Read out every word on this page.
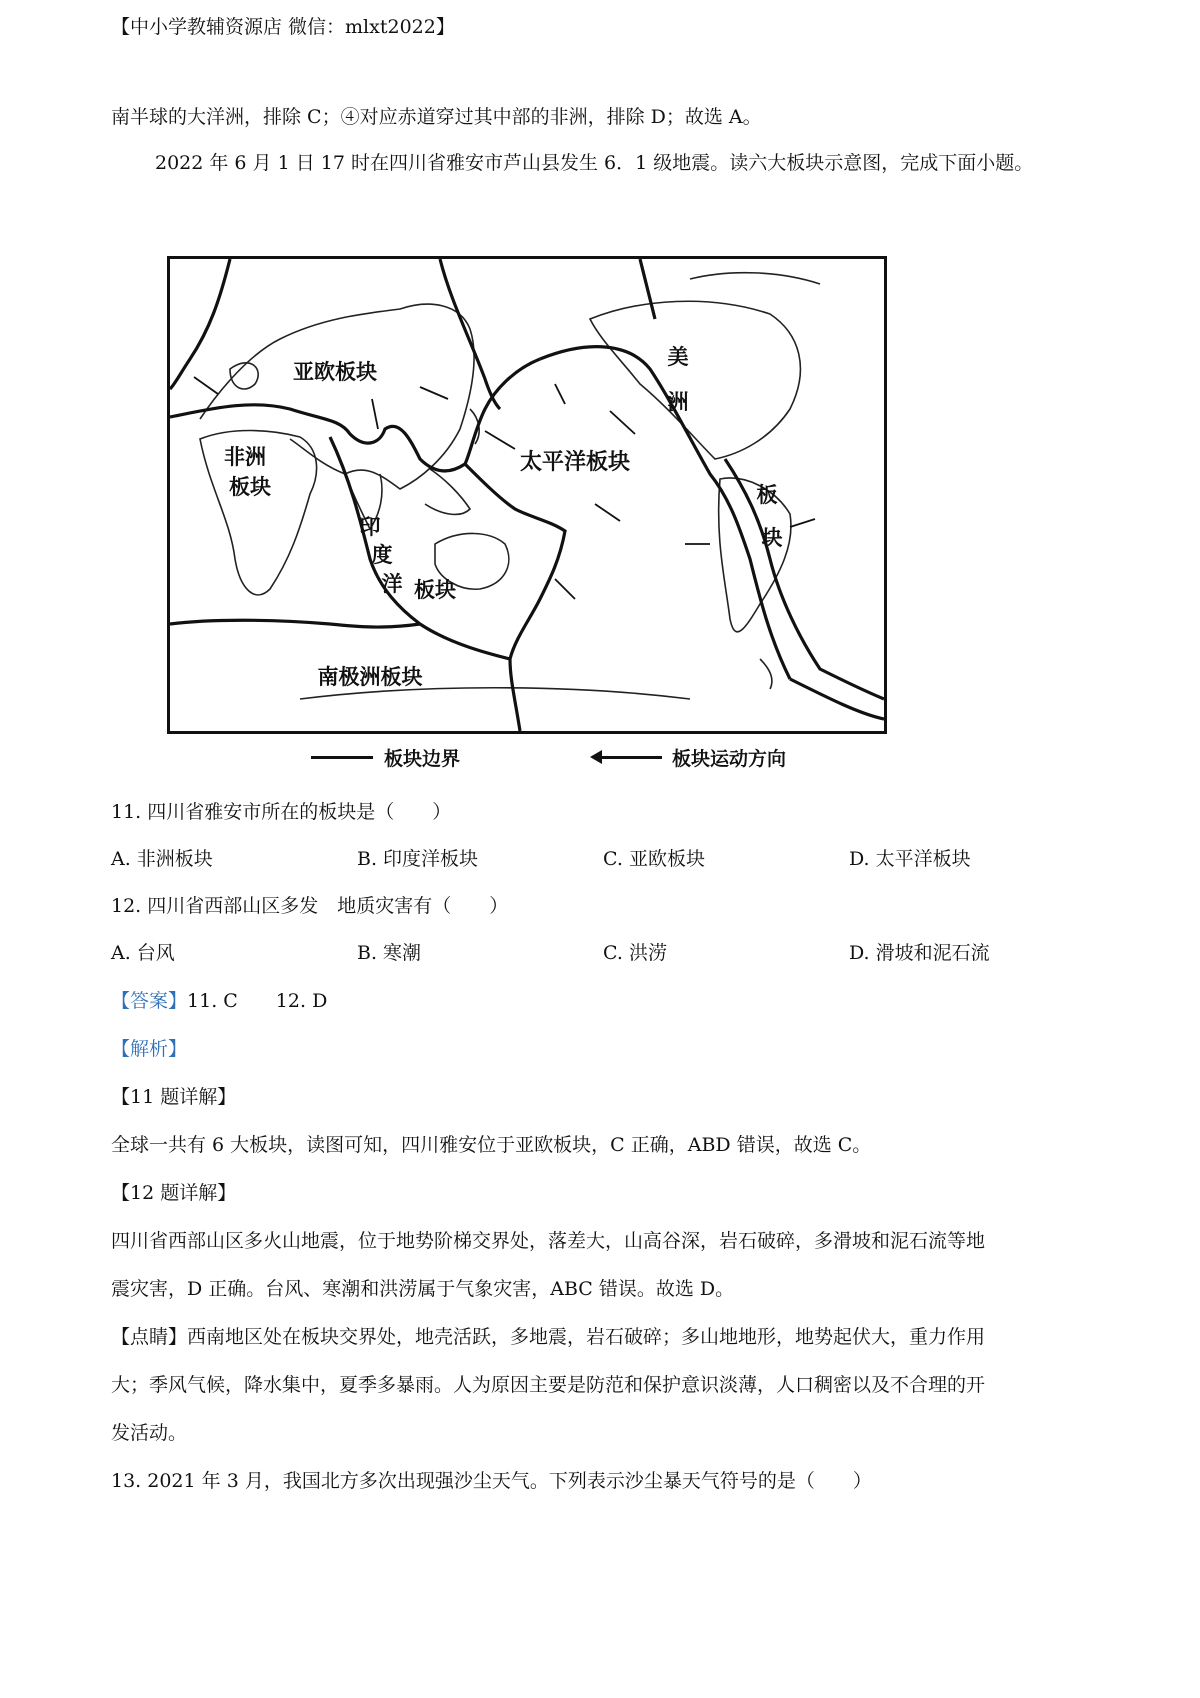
【中小学教辅资源店 微信：mlxt2022】
南半球的大洋洲，排除 C；④对应赤道穿过其中部的非洲，排除 D；故选 A。
2022 年 6 月 1 日 17 时在四川省雅安市芦山县发生 6．1 级地震。读六大板块示意图，完成下面小题。
亚欧板块
太平洋板块
非洲
板块
印
度
洋 板块
美
洲
板
块
南极洲板块
板块边界	板块运动方向
11. 四川省雅安市所在的板块是（　　）
A. 非洲板块	B. 印度洋板块	C. 亚欧板块	D. 太平洋板块
12. 四川省西部山区多发　地质灾害有（　　）
A. 台风	B. 寒潮	C. 洪涝	D. 滑坡和泥石流
【答案】11. C　　12. D
【解析】
【11 题详解】
全球一共有 6 大板块，读图可知，四川雅安位于亚欧板块，C 正确，ABD 错误，故选 C。
【12 题详解】
四川省西部山区多火山地震，位于地势阶梯交界处，落差大，山高谷深，岩石破碎，多滑坡和泥石流等地
震灾害，D 正确。台风、寒潮和洪涝属于气象灾害，ABC 错误。故选 D。
【点睛】西南地区处在板块交界处，地壳活跃，多地震，岩石破碎；多山地地形，地势起伏大，重力作用
大；季风气候，降水集中，夏季多暴雨。人为原因主要是防范和保护意识淡薄，人口稠密以及不合理的开
发活动。
13. 2021 年 3 月，我国北方多次出现强沙尘天气。下列表示沙尘暴天气符号的是（　　）
